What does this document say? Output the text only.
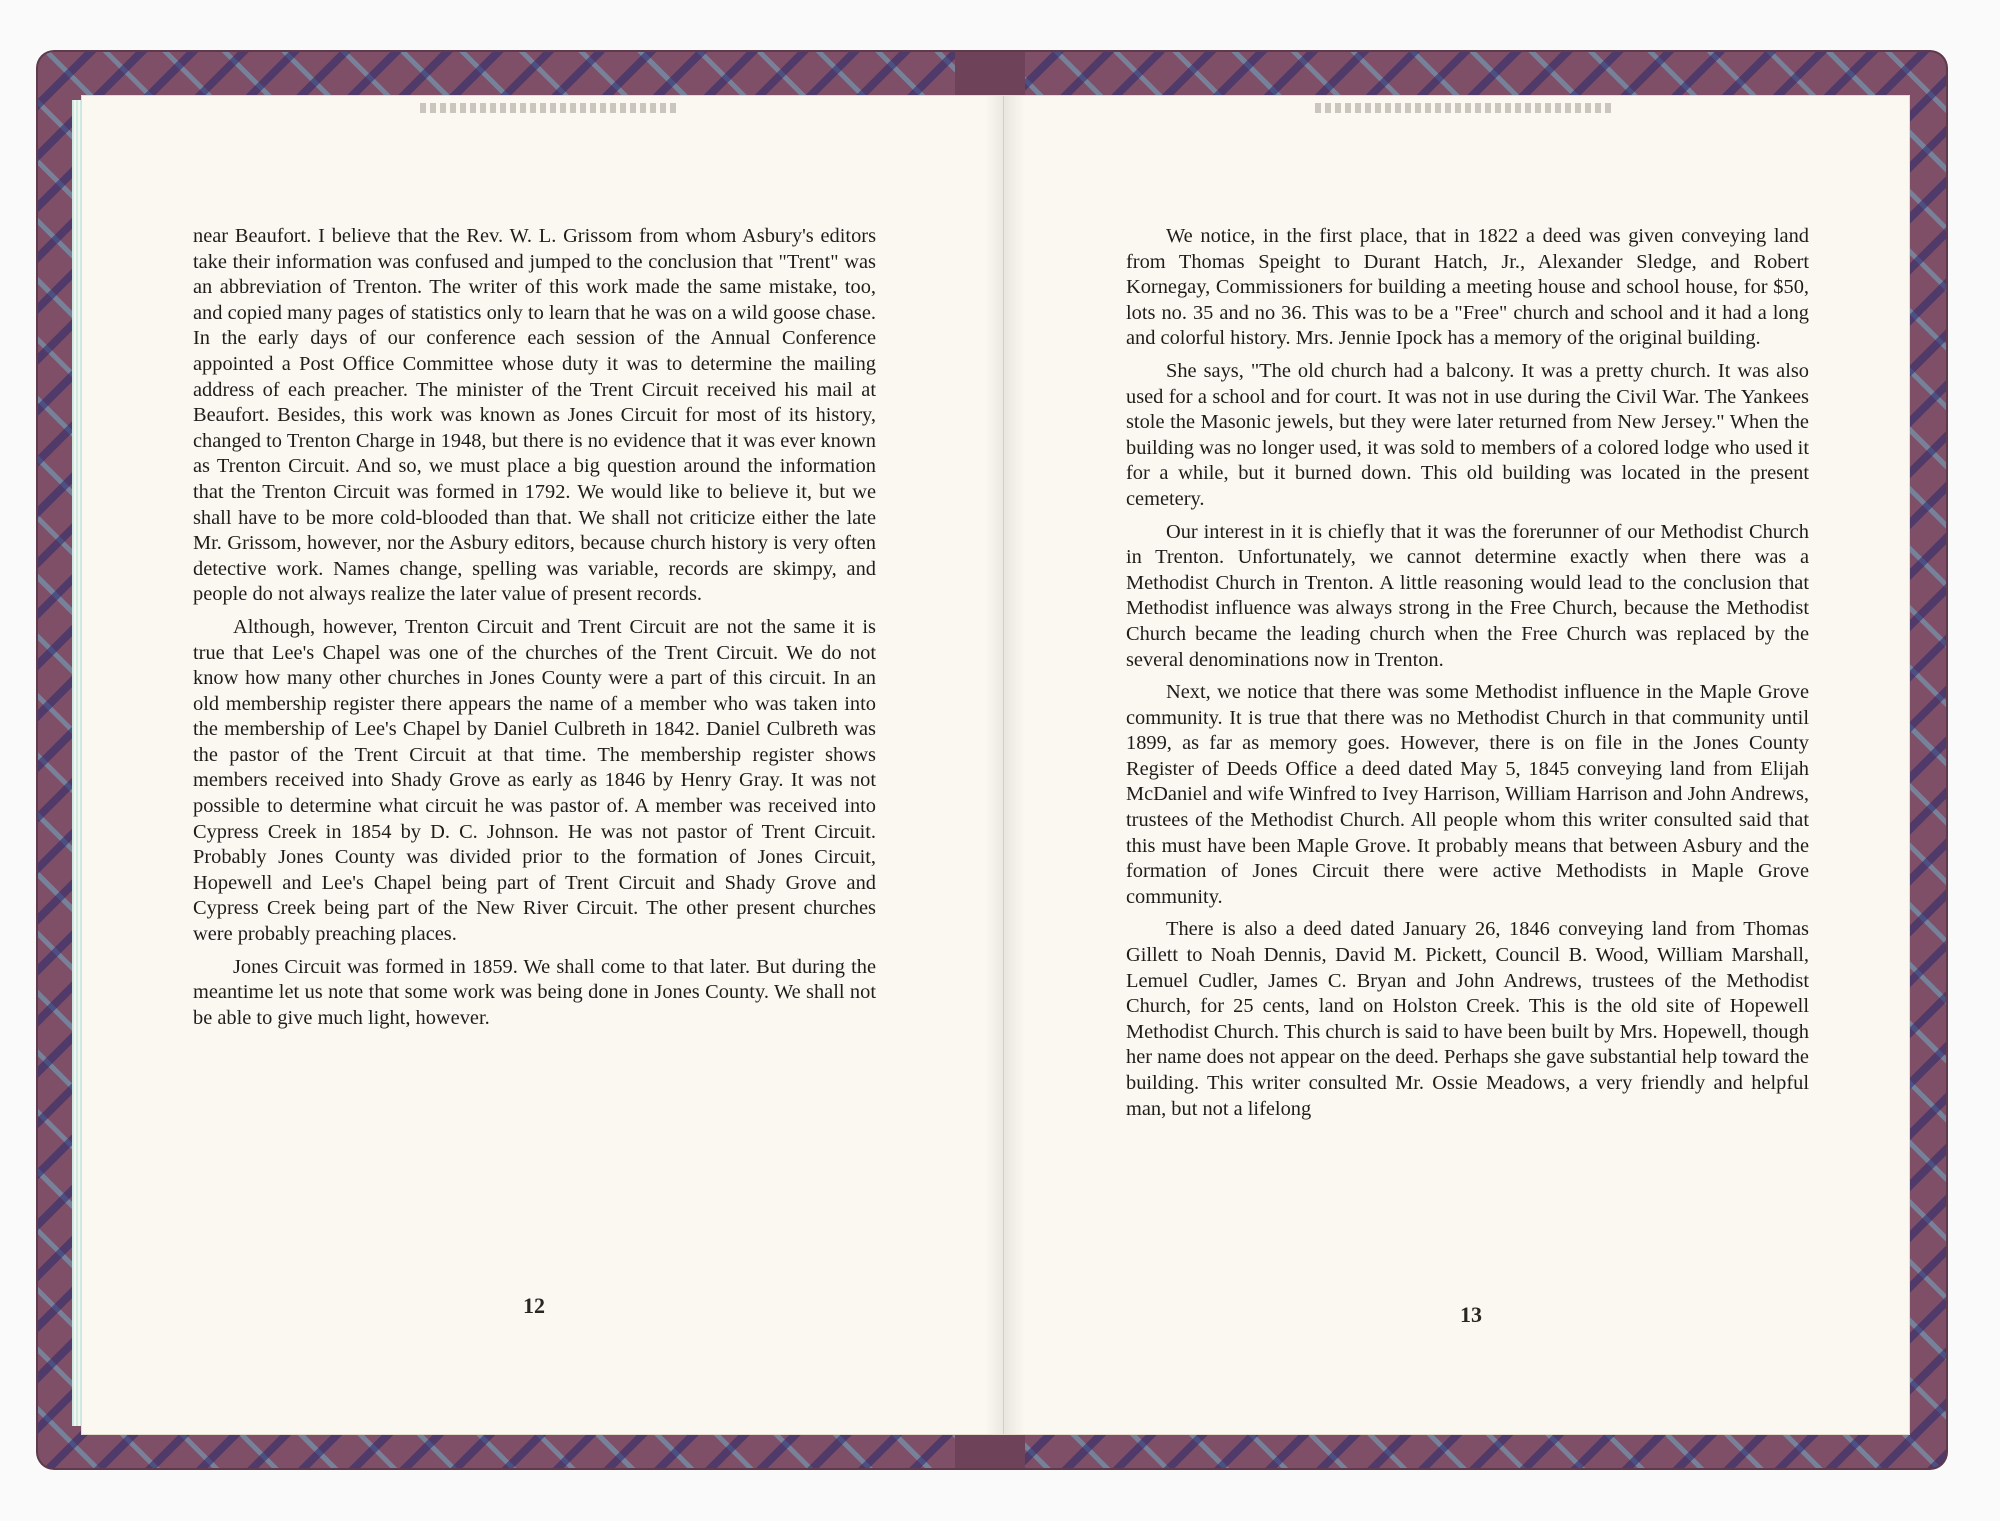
near Beaufort. I believe that the Rev. W. L. Grissom from whom Asbury's editors take their information was confused and jumped to the conclusion that "Trent" was an abbreviation of Trenton. The writer of this work made the same mistake, too, and copied many pages of statistics only to learn that he was on a wild goose chase. In the early days of our conference each session of the Annual Conference appointed a Post Office Committee whose duty it was to determine the mailing address of each preacher. The minister of the Trent Circuit received his mail at Beaufort. Besides, this work was known as Jones Circuit for most of its history, changed to Trenton Charge in 1948, but there is no evidence that it was ever known as Trenton Circuit. And so, we must place a big question around the information that the Trenton Circuit was formed in 1792. We would like to believe it, but we shall have to be more cold-blooded than that. We shall not criticize either the late Mr. Grissom, however, nor the Asbury editors, because church history is very often detective work. Names change, spelling was variable, records are skimpy, and people do not always realize the later value of present records.

Although, however, Trenton Circuit and Trent Circuit are not the same it is true that Lee's Chapel was one of the churches of the Trent Circuit. We do not know how many other churches in Jones County were a part of this circuit. In an old membership register there appears the name of a member who was taken into the membership of Lee's Chapel by Daniel Culbreth in 1842. Daniel Culbreth was the pastor of the Trent Circuit at that time. The membership register shows members received into Shady Grove as early as 1846 by Henry Gray. It was not possible to determine what circuit he was pastor of. A member was received into Cypress Creek in 1854 by D. C. Johnson. He was not pastor of Trent Circuit. Probably Jones County was divided prior to the formation of Jones Circuit, Hopewell and Lee's Chapel being part of Trent Circuit and Shady Grove and Cypress Creek being part of the New River Circuit. The other present churches were probably preaching places.

Jones Circuit was formed in 1859. We shall come to that later. But during the meantime let us note that some work was being done in Jones County. We shall not be able to give much light, however.

We notice, in the first place, that in 1822 a deed was given conveying land from Thomas Speight to Durant Hatch, Jr., Alexander Sledge, and Robert Kornegay, Commissioners for building a meeting house and school house, for $50, lots no. 35 and no 36. This was to be a "Free" church and school and it had a long and colorful history. Mrs. Jennie Ipock has a memory of the original building.

She says, "The old church had a balcony. It was a pretty church. It was also used for a school and for court. It was not in use during the Civil War. The Yankees stole the Masonic jewels, but they were later returned from New Jersey." When the building was no longer used, it was sold to members of a colored lodge who used it for a while, but it burned down. This old building was located in the present cemetery.

Our interest in it is chiefly that it was the forerunner of our Methodist Church in Trenton. Unfortunately, we cannot determine exactly when there was a Methodist Church in Trenton. A little reasoning would lead to the conclusion that Methodist influence was always strong in the Free Church, because the Methodist Church became the leading church when the Free Church was replaced by the several denominations now in Trenton.

Next, we notice that there was some Methodist influence in the Maple Grove community. It is true that there was no Methodist Church in that community until 1899, as far as memory goes. However, there is on file in the Jones County Register of Deeds Office a deed dated May 5, 1845 conveying land from Elijah McDaniel and wife Winfred to Ivey Harrison, William Harrison and John Andrews, trustees of the Methodist Church. All people whom this writer consulted said that this must have been Maple Grove. It probably means that between Asbury and the formation of Jones Circuit there were active Methodists in Maple Grove community.

There is also a deed dated January 26, 1846 conveying land from Thomas Gillett to Noah Dennis, David M. Pickett, Council B. Wood, William Marshall, Lemuel Cudler, James C. Bryan and John Andrews, trustees of the Methodist Church, for 25 cents, land on Holston Creek. This is the old site of Hopewell Methodist Church. This church is said to have been built by Mrs. Hopewell, though her name does not appear on the deed. Perhaps she gave substantial help toward the building. This writer consulted Mr. Ossie Meadows, a very friendly and helpful man, but not a lifelong

12	13
